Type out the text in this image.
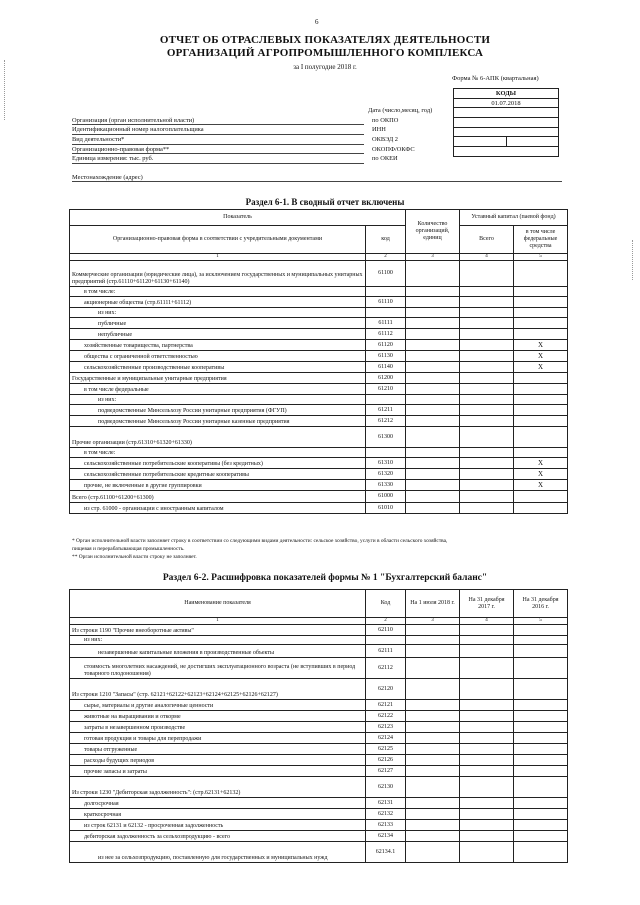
6
ОТЧЕТ ОБ ОТРАСЛЕВЫХ ПОКАЗАТЕЛЯХ ДЕЯТЕЛЬНОСТИ
ОРГАНИЗАЦИЙ АГРОПРОМЫШЛЕННОГО КОМПЛЕКСА
за I полугодие 2018 г.
Форма № 6-АПК (квартальная)
КОДЫ
01.07.2018

Дата (число,месяц, год)
Организация (орган исполнительной власти)	по ОКПО
Идентификационный номер налогоплательщика	ИНН
Вид деятельности*	ОКВЭД 2
Организационно-правовая форма**	ОКОПФ/ОКФС
Единица измерения: тыс. руб.	по ОКЕИ
Местонахождение (адрес)
Раздел 6-1. В сводный отчет включены
Показатель		Количество организаций, единиц	Уставный капитал (паевой фонд)	
Организационно-правовая форма в соответствии с учредительными документами	код		Всего	в том числе федеральные средства
1	2	3	4	5
Коммерческие организации (юридические лица), за исключением государственных и муниципальных унитарных предприятий (стр.61110+61120+61130+61140)	61100			
в том числе:				
акционерные общества (стр.61111+61112)	61110			
из них:				
публичные	61111			
непубличные	61112			
хозяйственные товарищества, партнерства	61120			X
общества с ограниченной ответственностью	61130			X
сельскохозяйственные производственные кооперативы	61140			X
Государственные и муниципальные унитарные предприятия	61200			
в том числе федеральные	61210			
из них:				
подведомственные Минсельхозу России унитарные предприятия (ФГУП)	61211			
подведомственные Минсельхозу России унитарные казенные предприятия	61212			
Прочие организации (стр.61310+61320+61330)	61300			
в том числе:				
сельскохозяйственные потребительские кооперативы (без кредитных)	61310			X
сельскохозяйственные потребительские кредитные кооперативы	61320			X
прочие, не включенные в другие группировки	61330			X
Всего (стр.61100+61200+61300)	61000			
из стр. 61000 - организации с иностранным капиталом	61010			
* Орган исполнительной власти заполняет строку в соответствии со следующими видами деятельности: сельское хозяйство, услуги в области сельского хозяйства,
пищевая и перерабатывающая промышленность.
** Орган исполнительной власти строку не заполняет.
Раздел 6-2. Расшифровка показателей формы № 1 "Бухгалтерский баланс"
Наименование показателя	Код	На 1 июля 2018 г.	На 31 декабря 2017 г.	На 31 декабря 2016 г.
1	2	3	4	5
Из строки 1190 "Прочие внеоборотные активы"	62110			
из них:				
незавершенные капитальные вложения в производственные объекты	62111			
стоимость многолетних насаждений, не достигших эксплуатационного возраста (не вступивших в период товарного плодоношения)	62112			
Из строки 1210 "Запасы" (стр. 62121+62122+62123+62124+62125+62126+62127)	62120			
сырье, материалы и другие аналогичные ценности	62121			
животные на выращивании и откорме	62122			
затраты в незавершенном производстве	62123			
готовая продукция и товары для перепродажи	62124			
товары отгруженные	62125			
расходы будущих периодов	62126			
прочие запасы и затраты	62127			
Из строки 1230 "Дебиторская задолженность": (стр.62131+62132)	62130			
долгосрочная	62131			
краткосрочная	62132			
из строк 62131 и 62132 - просроченная задолженность	62133			
дебиторская задолженность за сельхозпродукцию - всего	62134			
из нее за сельхозпродукцию, поставленную для государственных и муниципальных нужд	62134.1			
